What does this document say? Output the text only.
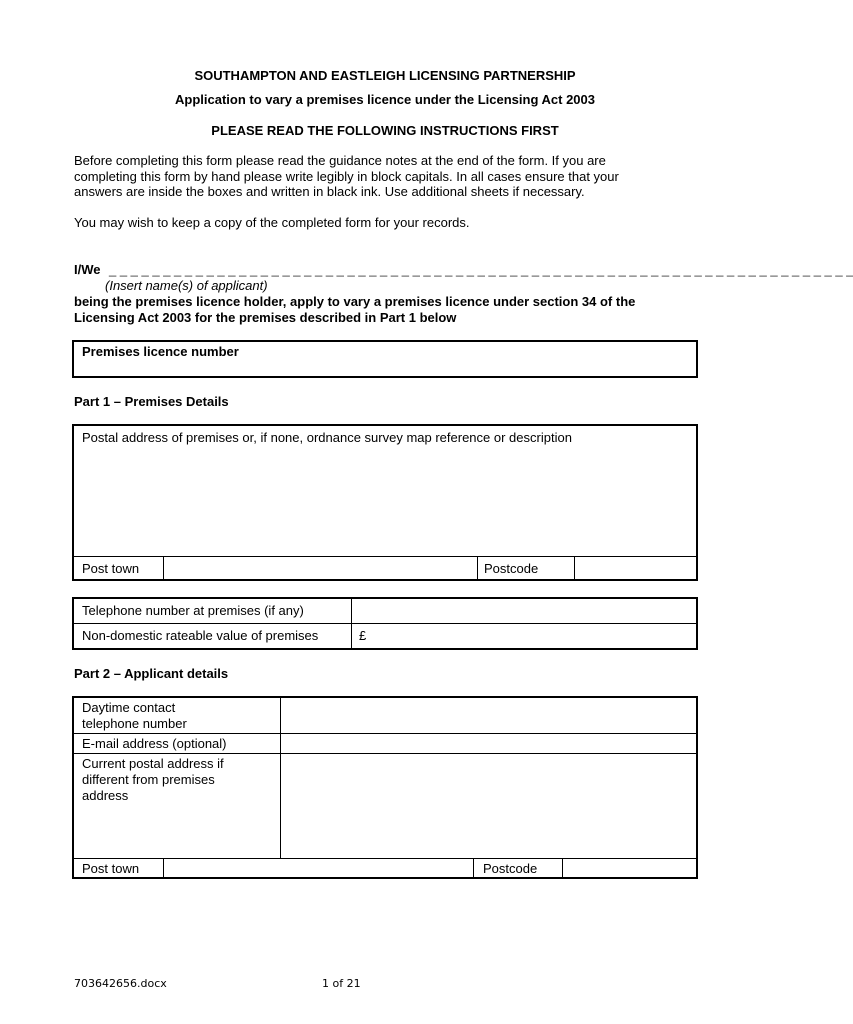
SOUTHAMPTON AND EASTLEIGH LICENSING PARTNERSHIP
Application to vary a premises licence under the Licensing Act 2003
PLEASE READ THE FOLLOWING INSTRUCTIONS FIRST
Before completing this form please read the guidance notes at the end of the form. If you are
completing this form by hand please write legibly in block capitals. In all cases ensure that your
answers are inside the boxes and written in black ink. Use additional sheets if necessary.
You may wish to keep a copy of the completed form for your records.
I/We _ _ _ _ _ _ _ _ _ _ _ _ _ _ _ _ _ _ _ _ _ _ _ _ _ _ _ _ _ _ _ _ _ _ _ _ _ _ _ _ _ _ _ _ _ _ _ _ _ _ _ _ _ _ _ _ _ _ _ _ _ _ _ _ _ _ _ _ _
(Insert name(s) of applicant)
being the premises licence holder, apply to vary a premises licence under section 34 of the
Licensing Act 2003 for the premises described in Part 1 below
Premises licence number
Part 1 – Premises Details
Postal address of premises or, if none, ordnance survey map reference or description
Post town	Postcode
Telephone number at premises (if any)
Non-domestic rateable value of premises	£
Part 2 – Applicant details
Daytime contact
telephone number
E-mail address (optional)
Current postal address if
different from premises
address
Post town	Postcode
703642656.docx	1 of 21
